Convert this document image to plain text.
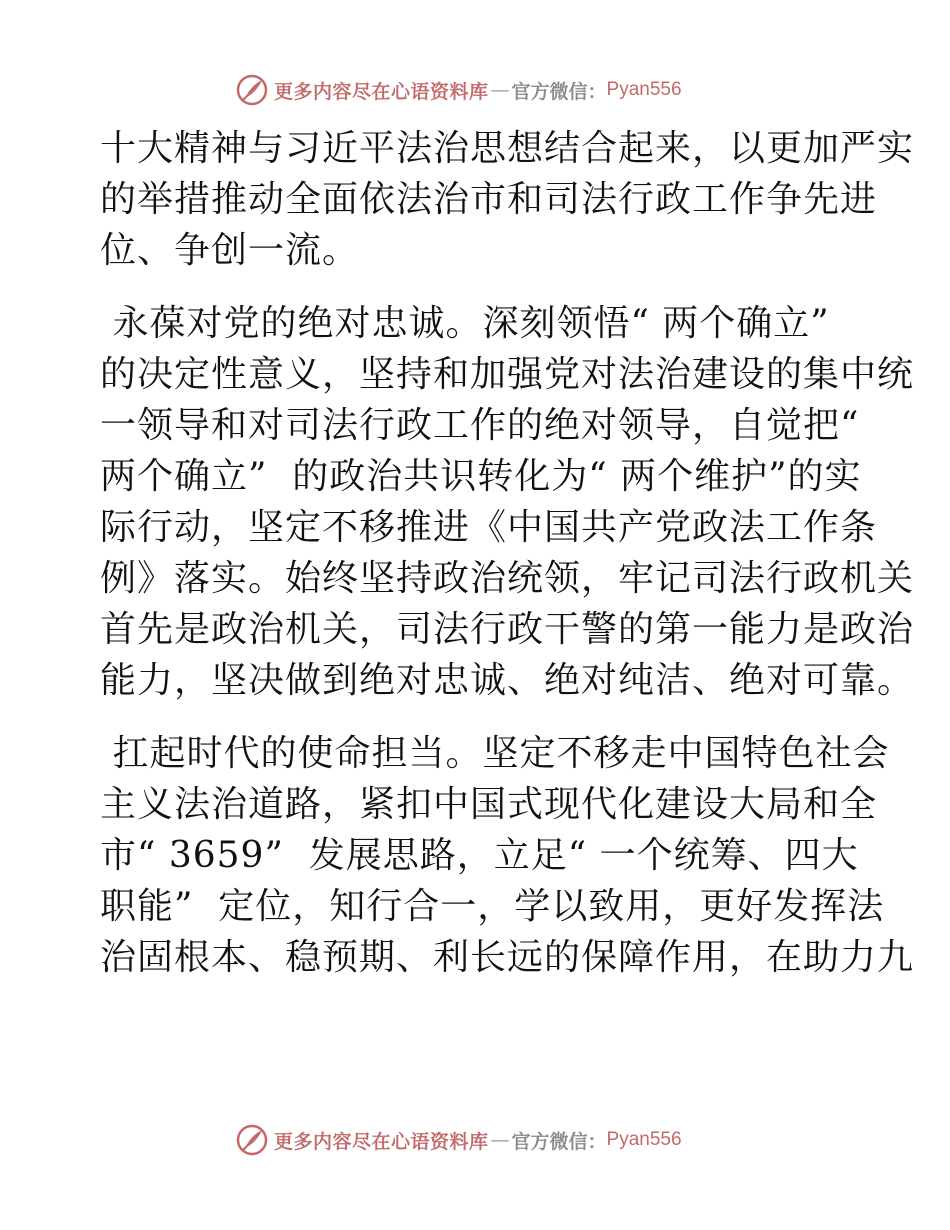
更多内容尽在心语资料库 — 官方微信： Pyan556
十大精神与习近平法治思想结合起来，以更加严实
的举措推动全面依法治市和司法行政工作争先进
位、争创一流。
永葆对党的绝对忠诚。深刻领悟“ 两个确立”
的决定性意义，坚持和加强党对法治建设的集中统
一领导和对司法行政工作的绝对领导，自觉把“
两个确立”  的政治共识转化为“ 两个维护”的实
际行动，坚定不移推进《中国共产党政法工作条
例》落实。始终坚持政治统领，牢记司法行政机关
首先是政治机关，司法行政干警的第一能力是政治
能力，坚决做到绝对忠诚、绝对纯洁、绝对可靠。
扛起时代的使命担当。坚定不移走中国特色社会
主义法治道路，紧扣中国式现代化建设大局和全
市“ 3659”  发展思路，立足“ 一个统筹、四大
职能”  定位，知行合一，学以致用，更好发挥法
治固根本、稳预期、利长远的保障作用，在助力九
更多内容尽在心语资料库 — 官方微信： Pyan556
